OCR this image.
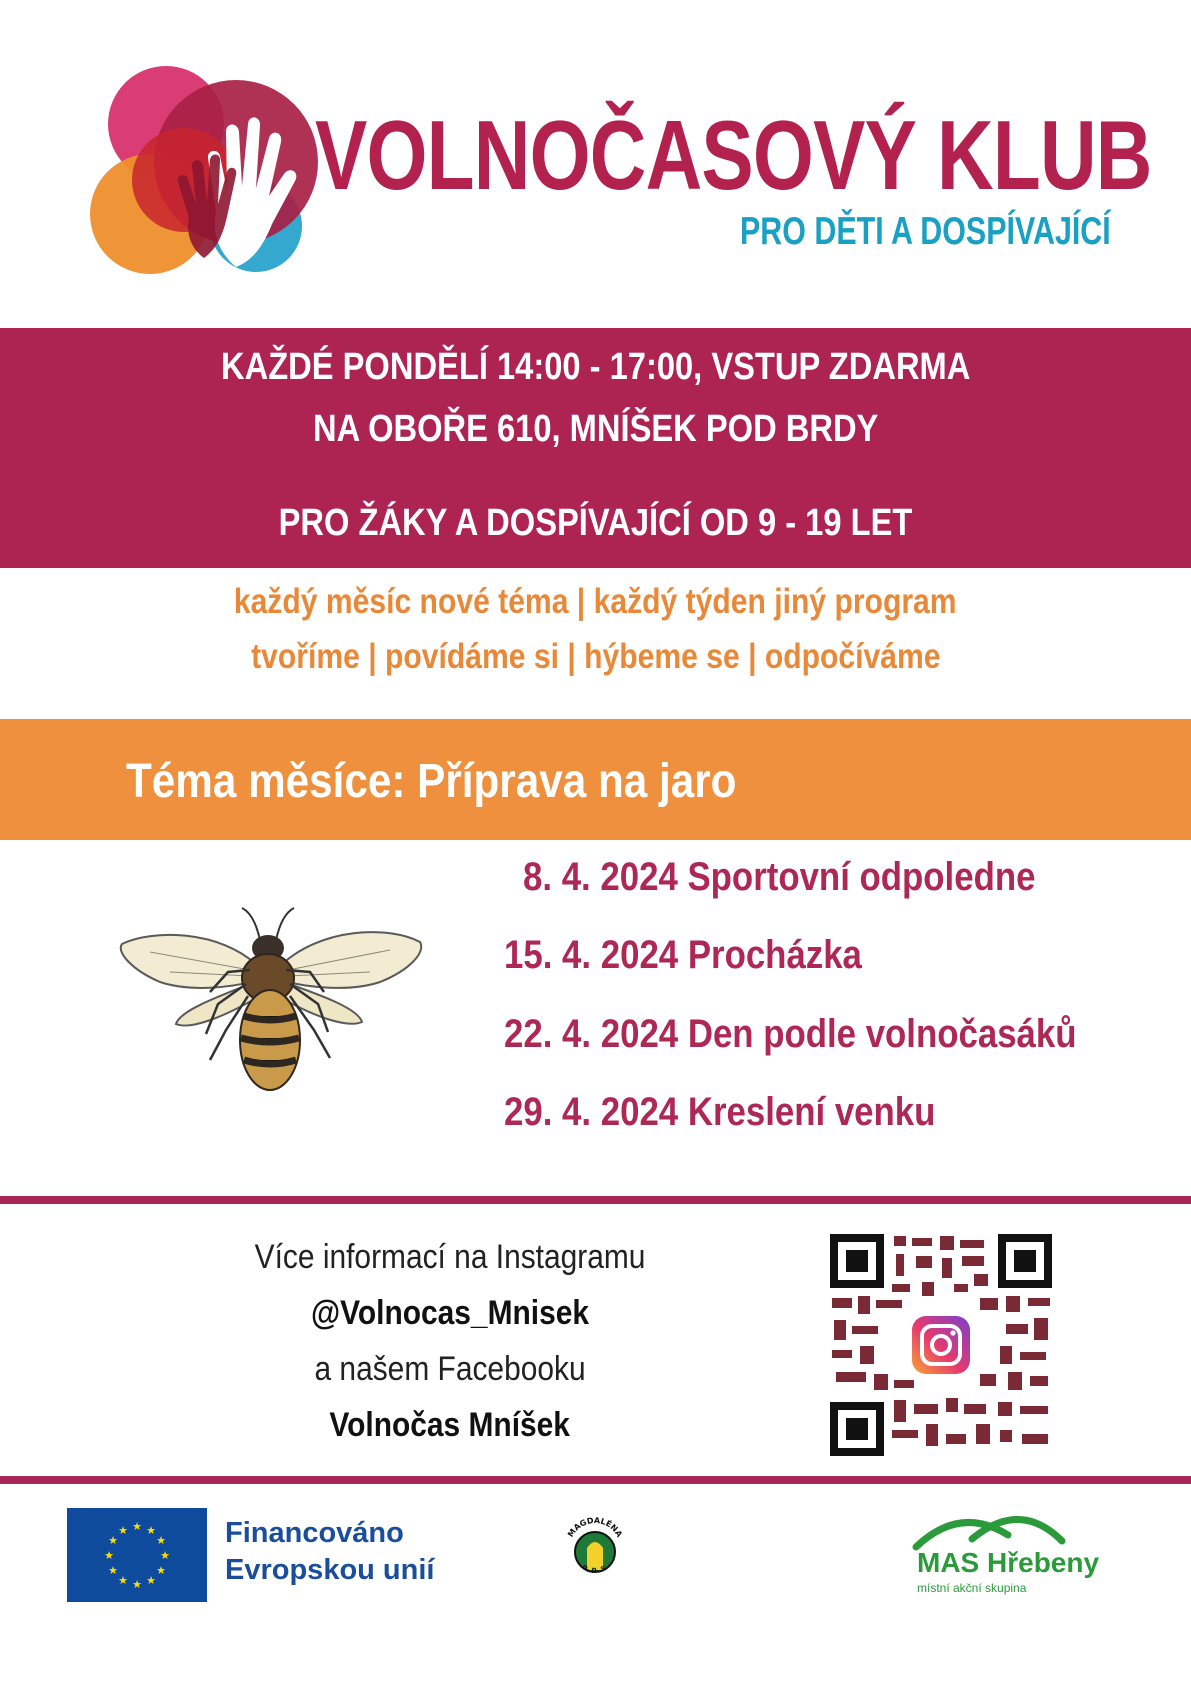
VOLNOČASOVÝ KLUB
PRO DĚTI A DOSPÍVAJÍCÍ
KAŽDÉ PONDĚLÍ 14:00 - 17:00, VSTUP ZDARMA
NA OBOŘE 610, MNÍŠEK POD BRDY
PRO ŽÁKY A DOSPÍVAJÍCÍ OD 9 - 19 LET
každý měsíc nové téma | každý týden jiný program
tvoříme | povídáme si | hýbeme se | odpočíváme
Téma měsíce: Příprava na jaro
8. 4. 2024 Sportovní odpoledne
15. 4. 2024 Procházka
22. 4. 2024 Den podle volnočasáků
29. 4. 2024 Kreslení venku
Více informací na Instagramu
@Volnocas_Mnisek
a našem Facebooku
Volnočas Mníšek
★ ★
★
★
★
★
★
★
★
★
★
★	Financováno
Evropskou unií
MAGDALÉNA
o. p. s.	MAS Hřebeny
místní akční skupina
